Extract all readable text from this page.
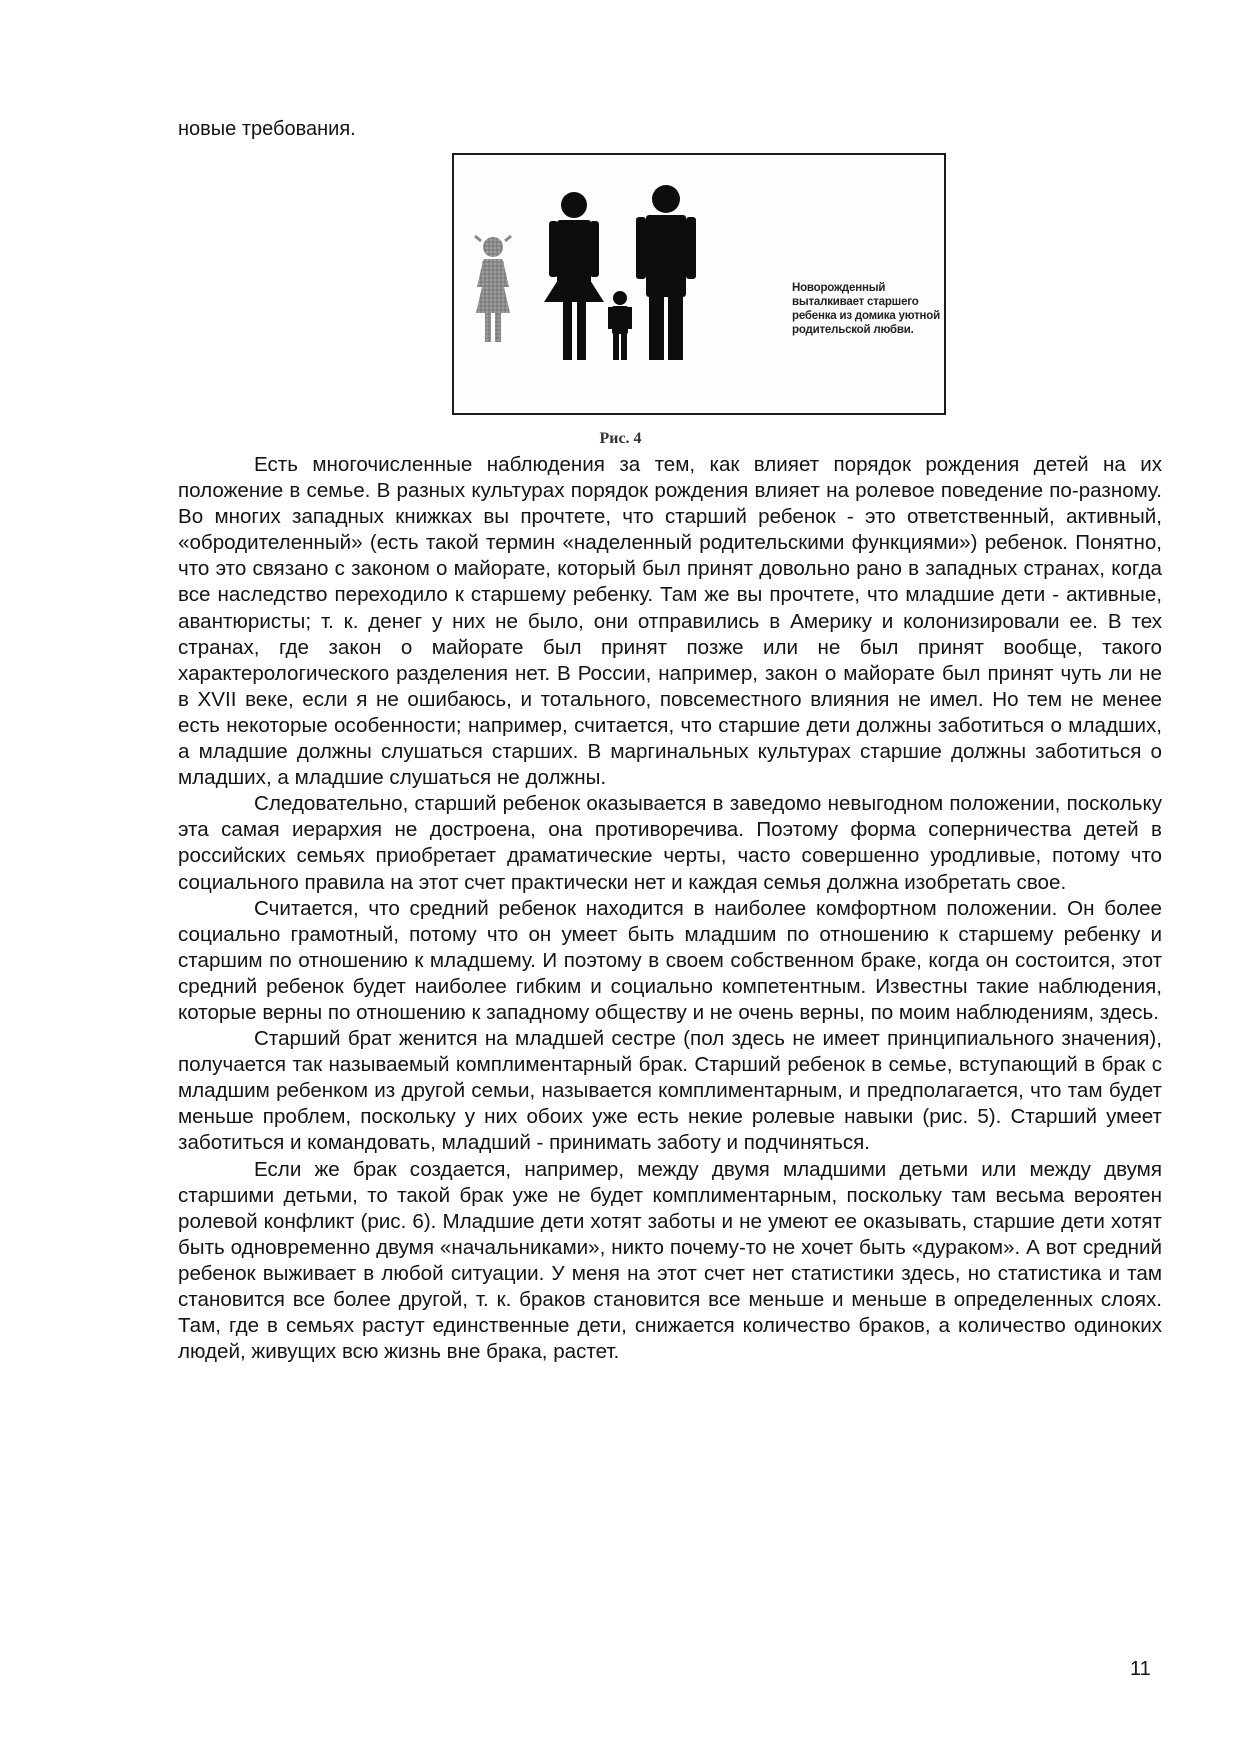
новые требования.
Новорожденный выталкивает старшего ребенка из домика уютной родительской любви.
Рис. 4

Есть многочисленные наблюдения за тем, как влияет порядок рождения детей на их положение в семье. В разных культурах порядок рождения влияет на ролевое поведение по-разному. Во многих западных книжках вы прочтете, что старший ребенок - это ответственный, активный, «обродителенный» (есть такой термин «наделенный родительскими функциями») ребенок. Понятно, что это связано с законом о майорате, который был принят довольно рано в западных странах, когда все наследство переходило к старшему ребенку. Там же вы прочтете, что младшие дети - активные, авантюристы; т. к. денег у них не было, они отправились в Америку и колонизировали ее. В тех странах, где закон о майорате был принят позже или не был принят вообще, такого характерологического разделения нет. В России, например, закон о майорате был принят чуть ли не в XVII веке, если я не ошибаюсь, и тотального, повсеместного влияния не имел. Но тем не менее есть некоторые особенности; например, считается, что старшие дети должны заботиться о младших, а младшие должны слушаться старших. В маргинальных культурах старшие должны заботиться о младших, а младшие слушаться не должны.

Следовательно, старший ребенок оказывается в заведомо невыгодном положении, поскольку эта самая иерархия не достроена, она противоречива. Поэтому форма соперничества детей в российских семьях приобретает драматические черты, часто совершенно уродливые, потому что социального правила на этот счет практически нет и каждая семья должна изобретать свое.

Считается, что средний ребенок находится в наиболее комфортном положении. Он более социально грамотный, потому что он умеет быть младшим по отношению к старшему ребенку и старшим по отношению к младшему. И поэтому в своем собственном браке, когда он состоится, этот средний ребенок будет наиболее гибким и социально компетентным. Известны такие наблюдения, которые верны по отношению к западному обществу и не очень верны, по моим наблюдениям, здесь.

Старший брат женится на младшей сестре (пол здесь не имеет принципиального значения), получается так называемый комплиментарный брак. Старший ребенок в семье, вступающий в брак с младшим ребенком из другой семьи, называется комплиментарным, и предполагается, что там будет меньше проблем, поскольку у них обоих уже есть некие ролевые навыки (рис. 5). Старший умеет заботиться и командовать, младший - принимать заботу и подчиняться.

Если же брак создается, например, между двумя младшими детьми или между двумя старшими детьми, то такой брак уже не будет комплиментарным, поскольку там весьма вероятен ролевой конфликт (рис. 6). Младшие дети хотят заботы и не умеют ее оказывать, старшие дети хотят быть одновременно двумя «начальниками», никто почему-то не хочет быть «дураком». А вот средний ребенок выживает в любой ситуации. У меня на этот счет нет статистики здесь, но статистика и там становится все более другой, т. к. браков становится все меньше и меньше в определенных слоях. Там, где в семьях растут единственные дети, снижается количество браков, а количество одиноких людей, живущих всю жизнь вне брака, растет.

11
